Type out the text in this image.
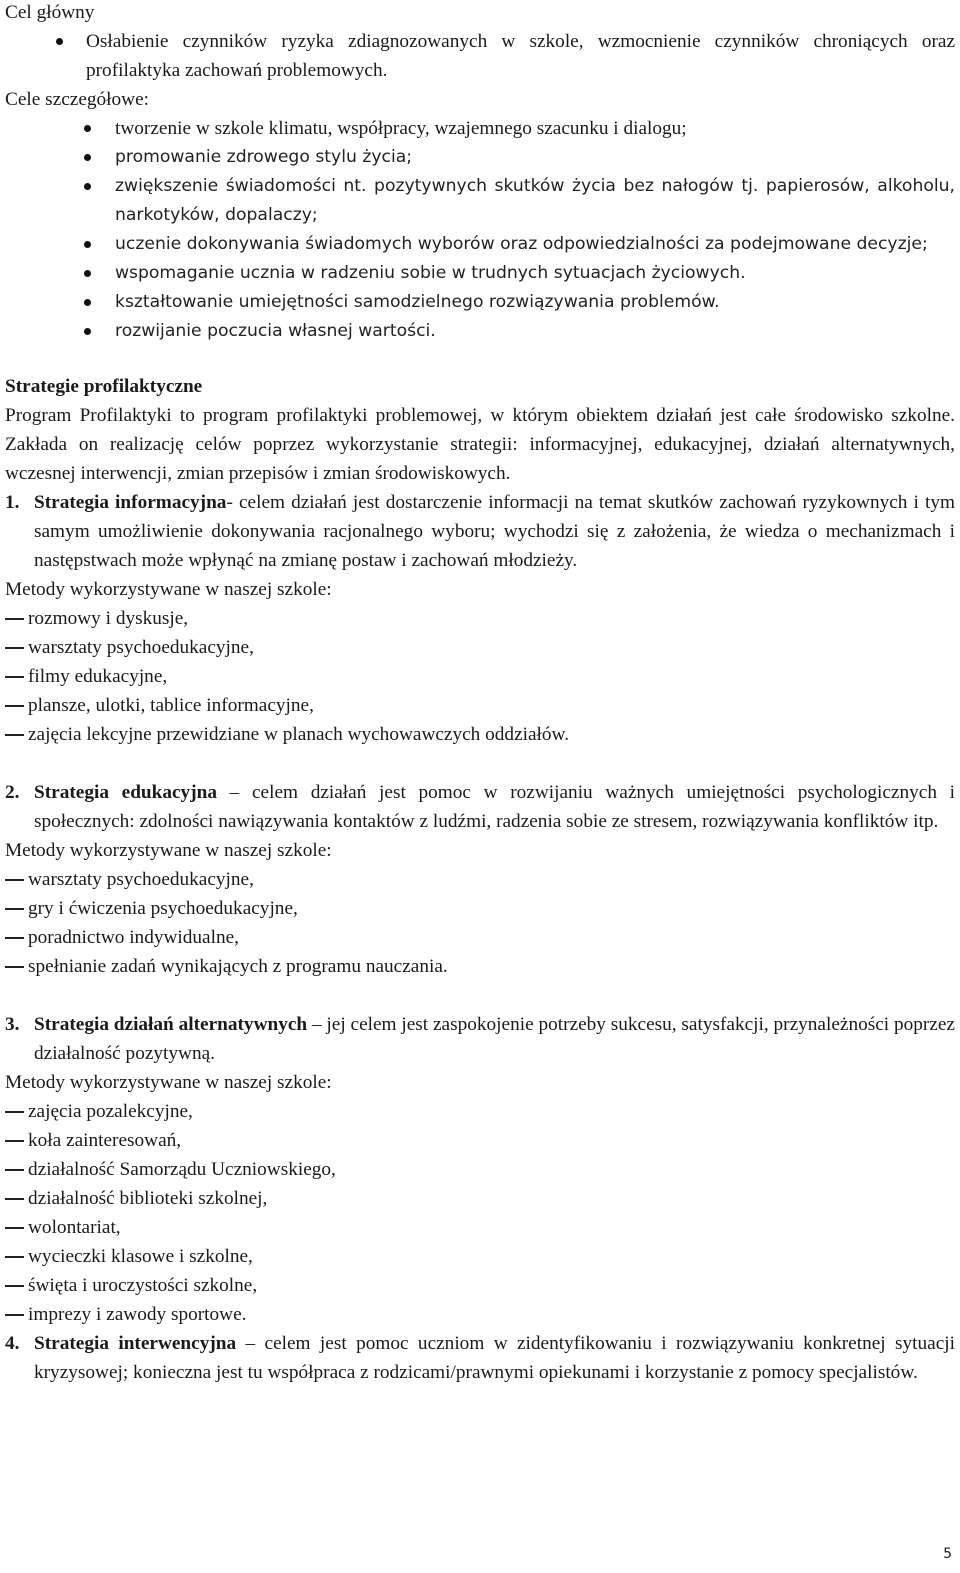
Cel główny

Osłabienie czynników ryzyka zdiagnozowanych w szkole, wzmocnienie czynników chroniących oraz profilaktyka zachowań problemowych.

Cele szczegółowe:

tworzenie w szkole klimatu, współpracy, wzajemnego szacunku i dialogu;
promowanie zdrowego stylu życia;
zwiększenie świadomości nt. pozytywnych skutków życia bez nałogów tj. papierosów, alkoholu, narkotyków, dopalaczy;
uczenie dokonywania świadomych wyborów oraz odpowiedzialności za podejmowane decyzje;
wspomaganie ucznia w radzeniu sobie w trudnych sytuacjach życiowych.
kształtowanie umiejętności samodzielnego rozwiązywania problemów.
rozwijanie poczucia własnej wartości.

Strategie profilaktyczne

Program Profilaktyki to program profilaktyki problemowej, w którym obiektem działań jest całe środowisko szkolne. Zakłada on realizację celów poprzez wykorzystanie strategii: informacyjnej, edukacyjnej, działań alternatywnych, wczesnej interwencji, zmian przepisów i zmian środowiskowych.

1. Strategia informacyjna- celem działań jest dostarczenie informacji na temat skutków zachowań ryzykownych i tym samym umożliwienie dokonywania racjonalnego wyboru; wychodzi się z założenia, że wiedza o mechanizmach i następstwach może wpłynąć na zmianę postaw i zachowań młodzieży.

Metody wykorzystywane w naszej szkole:

rozmowy i dyskusje,
warsztaty psychoedukacyjne,
filmy edukacyjne,
plansze, ulotki, tablice informacyjne,
zajęcia lekcyjne przewidziane w planach wychowawczych oddziałów.
2. Strategia edukacyjna – celem działań jest pomoc w rozwijaniu ważnych umiejętności psychologicznych i społecznych: zdolności nawiązywania kontaktów z ludźmi, radzenia sobie ze stresem, rozwiązywania konfliktów itp.

Metody wykorzystywane w naszej szkole:

warsztaty psychoedukacyjne,
gry i ćwiczenia psychoedukacyjne,
poradnictwo indywidualne,
spełnianie zadań wynikających z programu nauczania.
3. Strategia działań alternatywnych – jej celem jest zaspokojenie potrzeby sukcesu, satysfakcji, przynależności poprzez działalność pozytywną.

Metody wykorzystywane w naszej szkole:

zajęcia pozalekcyjne,
koła zainteresowań,
działalność Samorządu Uczniowskiego,
działalność biblioteki szkolnej,
wolontariat,
wycieczki klasowe i szkolne,
święta i uroczystości szkolne,
imprezy i zawody sportowe.
4. Strategia interwencyjna – celem jest pomoc uczniom w zidentyfikowaniu i rozwiązywaniu konkretnej sytuacji kryzysowej; konieczna jest tu współpraca z rodzicami/prawnymi opiekunami i korzystanie z pomocy specjalistów.
5
